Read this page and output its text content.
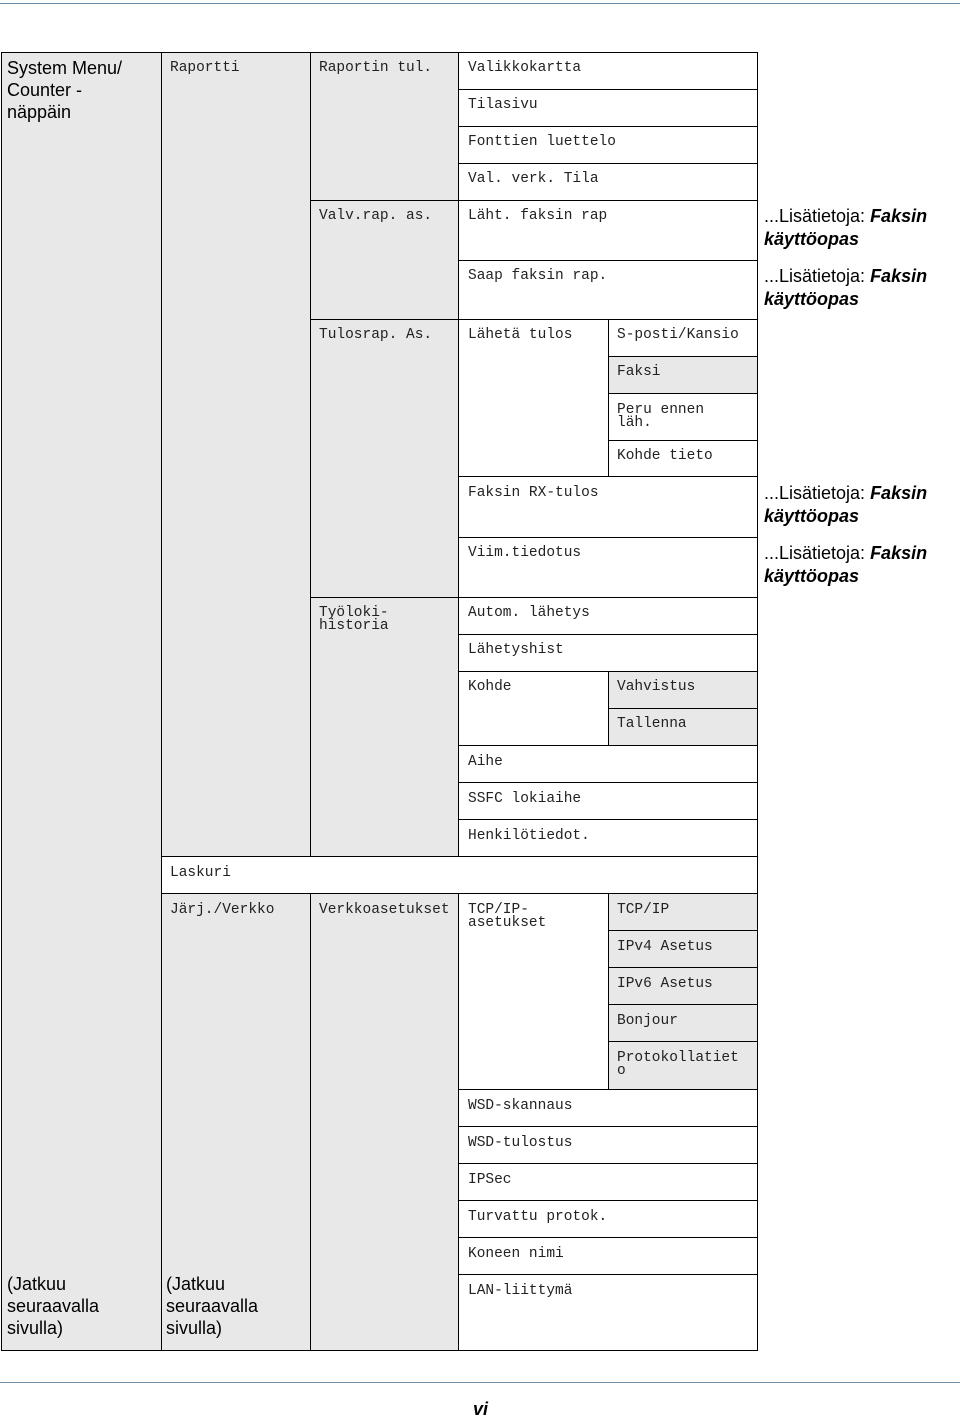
System Menu/
Counter -
näppäin
(Jatkuu
seuraavalla
sivulla)
Raportti
Laskuri
Järj./Verkko
(Jatkuu
seuraavalla
sivulla)
Raportin tul.
Valv.rap. as.
Tulosrap. As.
Työloki-
historia
Verkkoasetukset
Valikkokartta
Tilasivu
Fonttien luettelo
Val. verk. Tila
Läht. faksin rap
Saap faksin rap.
Lähetä tulos
Faksin RX-tulos
Viim.tiedotus
Autom. lähetys
Lähetyshist
Kohde
Aihe
SSFC lokiaihe
Henkilötiedot.
TCP/IP-
asetukset
WSD-skannaus
WSD-tulostus
IPSec
Turvattu protok.
Koneen nimi
LAN-liittymä
S-posti/Kansio
Faksi
Peru ennen
läh.
Kohde tieto
Vahvistus
Tallenna
TCP/IP
IPv4 Asetus
IPv6 Asetus
Bonjour
Protokollatiet
o
...Lisätietoja: Faksin
käyttöopas
...Lisätietoja: Faksin
käyttöopas
...Lisätietoja: Faksin
käyttöopas
...Lisätietoja: Faksin
käyttöopas
vi
